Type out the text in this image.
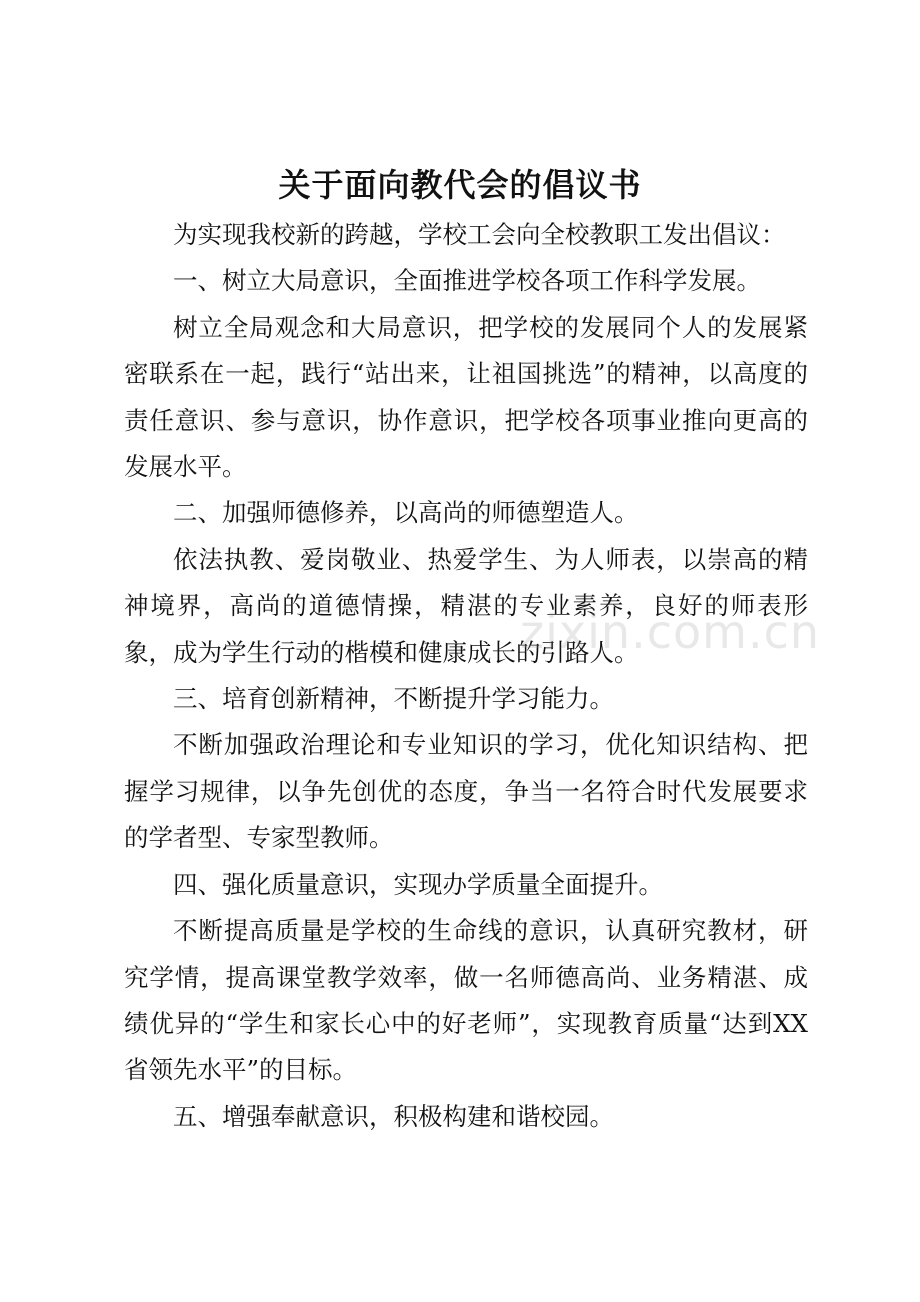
关于面向教代会的倡议书

为实现我校新的跨越，学校工会向全校教职工发出倡议：

一、树立大局意识，全面推进学校各项工作科学发展。

树立全局观念和大局意识，把学校的发展同个人的发展紧密联系在一起，践行“站出来，让祖国挑选”的精神，以高度的责任意识、参与意识，协作意识，把学校各项事业推向更高的发展水平。

二、加强师德修养，以高尚的师德塑造人。

依法执教、爱岗敬业、热爱学生、为人师表，以崇高的精神境界，高尚的道德情操，精湛的专业素养，良好的师表形象，成为学生行动的楷模和健康成长的引路人。

三、培育创新精神，不断提升学习能力。

不断加强政治理论和专业知识的学习，优化知识结构、把握学习规律，以争先创优的态度，争当一名符合时代发展要求的学者型、专家型教师。

四、强化质量意识，实现办学质量全面提升。

不断提高质量是学校的生命线的意识，认真研究教材，研究学情，提高课堂教学效率，做一名师德高尚、业务精湛、成绩优异的“学生和家长心中的好老师”，实现教育质量“达到XX省领先水平”的目标。

五、增强奉献意识，积极构建和谐校园。

zixin.com.cn
